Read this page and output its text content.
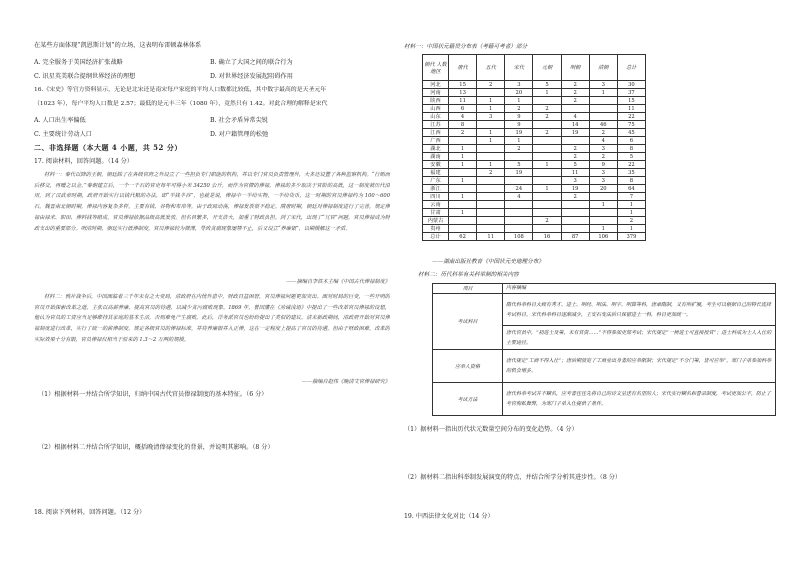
在某些方面体现“凯恩斯计划”的立场，这表明布雷顿森林体系
A. 完全服务于美国经济扩张战略	B. 确立了大国之间的联合行为
C. 讯星英美联合提纲世界经济的理想	D. 对世界经济发展起阻碍作用
16.《宋史》等官方资料显示，无论是北宋还是南宋每户家庭的平均人口数都比较低，其中数字最高的是天圣元年
（1023 年），每户平均人口数是 2.57；最低的是元丰三年（1080 年），竟然只有 1.42。对此合理的解释是宋代
A. 人口出生率偏低	B. 社会矛盾异常尖锐
C. 主要统计劳动人口	D. 对户籍管理的松弛
二、非选择题（本大题 4 小题，共 52 分）
17. 阅读材料，回答问题。（14 分）
材料一：秦代以降的王朝，朝廷除了在各级官府之外设立了一些担负专门职能的机构，并以专门官员负责管理外，大多还设置了各种监察机构。“行贿而后移交，再赠之以金。”秦朝建立后，一个一千石的官吏每年可得小米 34250 公斤，而作为官僚的俸禄，俸禄的多少取决于官阶的高低，这一制度被历代沿用。到了汉武帝时期，政府开始实行以钱代粮的办法，即“半钱半谷”，也就是说，俸禄中一半给实物，一半给货币，这一时期的官员俸禄约为 100～600 石。魏晋南北朝时期，俸禄内容复杂多样，主要有钱、谷物和布帛等，由于政局动荡，俸禄发放很不稳定。隋唐时期，朝廷对俸禄制度进行了完善，规定俸禄由禄米、职田、俸料钱等组成，官员俸禄依据品级高低发放，但名目繁多，开支浩大，加重了财政负担。到了宋代，出现了“冗官”问题，官员俸禄成为财政支出的重要部分。明清时期，朝廷实行低俸制度，官员俸禄较为微薄，导致贪腐现象屡禁不止，后又设立“养廉银”，以期缓解这一矛盾。
——摘编自李铁木主编《中国古代俸禄制度》
材料二：鸦片战争后，中国面临着三千年未有之大变局，清政府在内忧外患中，财政日益困窘，官员俸禄问题更加突出。面对时局的巨变，一些开明的官员开始探索改革之道，主张以高薪养廉，提高官员的待遇，以减少贪污腐败现象。1869 年，曾国藩在《劝诫浅语》中提出了一些改革官员俸禄的设想，他认为官员的工资应当足够维持其家庭的基本生活，否则难免产生腐败。此后，洋务派官员也纷纷提出了类似的建议。清末新政期间，清政府开始对官员俸禄制度进行改革，实行了统一的薪俸制度，规定各级官员的俸禄标准，并将养廉银并入正俸，这在一定程度上提高了官员的待遇，但由于财政困难，改革的实际效果十分有限，官员俸禄仅相当于原来的 1.3～2 万两的规模。
——摘编自赵伟《晚清文官俸禄研究》
（1）根据材料一并结合所学知识，归纳中国古代官员俸禄制度的基本特征。（6 分）
（2）根据材料二并结合所学知识，概括晚清俸禄变化的背景，并说明其影响。（8 分）
18. 阅读下列材料，回答问题。（12 分）
材料一：中国状元籍贯分布表（考籍可考者）部分
朝代 人数 地区	唐代	五代	宋代	元朝	明朝	清朝	总计
河北	15	2	3	5	2	3	30
河南	13		20	1	2	1	37
陕西	11	1	1		2		15
山西	6	1	2	2			11
山东	4	3	9	2	4		22
江苏	8		9		14	46	75
江西	2	1	19	2	19	2	45
广西		1	1			4	6
湖北	1		2		2	3	8
湖南	1				2	2	5
安徽	1	1	5	1	5	9	22
福建		2	19		11	3	35
广东	1				3	3	8
浙江			24	1	19	20	64
四川	1		4		2		7
云南						1	1
甘肃	1						1
内蒙古				2			2
贵州						1	1
总计	62	11	108	16	87	106	379
——湖南出版社教育《中国状元史地理分布》
材料二：历代科举有关科举制的相关内容
项目	内容摘编
考试科目	隋代科举科目大致有秀才、进士、明经、明法、明字、明算等科，唐承隋制，又有所扩展，考生可以根据自己的特长选择考试科目。宋代科举科目逐渐减少，王安石变法后只保留进士一科，科目更加统一。
	唐代官员中，“初进士及第，未有官资……”不得参加吏部考试；宋代规定“一榜进士可直接授官”；进士科成为士人入仕的主要途径。
应举人资格	唐代规定“工商不得入仕”；唐后期放宽了工商业出身者的应举限制；宋代规定“不分门第，皆可应举”，寒门子弟参加科举的机会增多。
考试方法	唐代科举考试并不糊名，应考者往往先将自己的诗文呈送有名望的人；宋代实行糊名和誊录制度，考试更加公平，防止了考官徇私舞弊，为寒门子弟入仕提供了条件。
（1）据材料一指出历代状元数量空间分布的变化趋势。（4 分）
（2）据材料二指出科举制发展演变的特点，并结合所学分析其进步性。（8 分）
19. 中西法律文化对比（14 分）
